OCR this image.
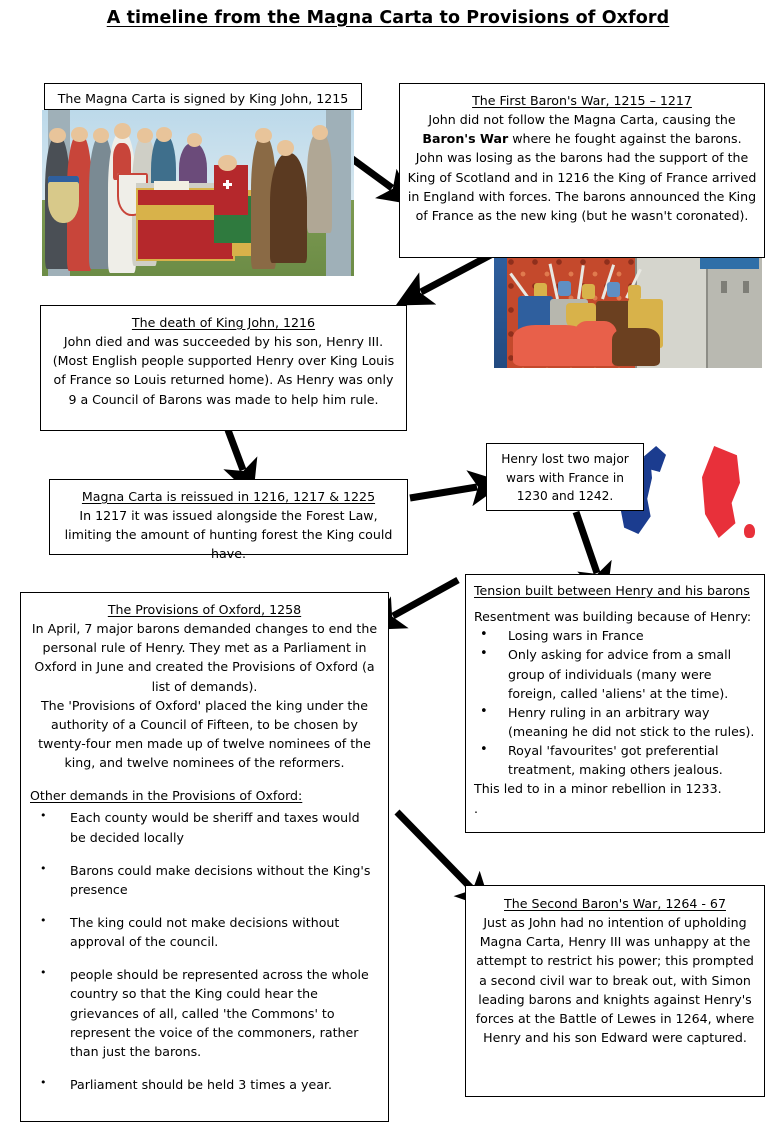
A timeline from the Magna Carta to Provisions of Oxford

The Magna Carta is signed by King John, 1215	The First Baron's War, 1215 – 1217

John did not follow the Magna Carta, causing the Baron's War where he fought against the barons. John was losing as the barons had the support of the King of Scotland and in 1216 the King of France arrived in England with forces. The barons announced the King of France as the new king (but he wasn't coronated).

The death of King John, 1216

John died and was succeeded by his son, Henry III. (Most English people supported Henry over King Louis of France so Louis returned home). As Henry was only 9 a Council of Barons was made to help him rule.

Magna Carta is reissued in 1216, 1217 & 1225

In 1217 it was issued alongside the Forest Law, limiting the amount of hunting forest the King could have.

Henry lost two major wars with France in 1230 and 1242.

Tension built between Henry and his barons

Resentment was building because of Henry:

• Losing wars in France
• Only asking for advice from a small group of individuals (many were foreign, called 'aliens' at the time).
• Henry ruling in an arbitrary way (meaning he did not stick to the rules).
• Royal 'favourites' got preferential treatment, making others jealous.

This led to in a minor rebellion in 1233.

.

The Provisions of Oxford, 1258

In April, 7 major barons demanded changes to end the personal rule of Henry. They met as a Parliament in Oxford in June and created the Provisions of Oxford (a list of demands).

The 'Provisions of Oxford' placed the king under the authority of a Council of Fifteen, to be chosen by twenty-four men made up of twelve nominees of the king, and twelve nominees of the reformers.

Other demands in the Provisions of Oxford:

• Each county would be sheriff and taxes would be decided locally
• Barons could make decisions without the King's presence
• The king could not make decisions without approval of the council.
• people should be represented across the whole country so that the King could hear the grievances of all, called 'the Commons' to represent the voice of the commoners, rather than just the barons.
• Parliament should be held 3 times a year.

The Second Baron's War, 1264 - 67

Just as John had no intention of upholding Magna Carta, Henry III was unhappy at the attempt to restrict his power; this prompted a second civil war to break out, with Simon leading barons and knights against Henry's forces at the Battle of Lewes in 1264, where Henry and his son Edward were captured.
